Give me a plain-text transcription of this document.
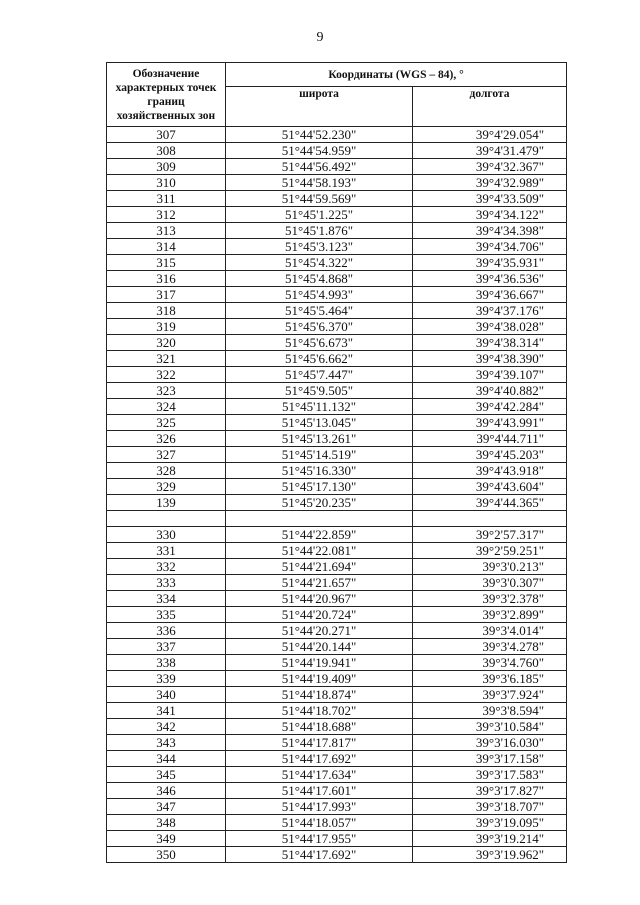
9
Обозначение характерных точек границ хозяйственных зон	Координаты (WGS – 84), °	
	широта	долгота
307	51°44'52.230"	39°4'29.054"
308	51°44'54.959"	39°4'31.479"
309	51°44'56.492"	39°4'32.367"
310	51°44'58.193"	39°4'32.989"
311	51°44'59.569"	39°4'33.509"
312	51°45'1.225"	39°4'34.122"
313	51°45'1.876"	39°4'34.398"
314	51°45'3.123"	39°4'34.706"
315	51°45'4.322"	39°4'35.931"
316	51°45'4.868"	39°4'36.536"
317	51°45'4.993"	39°4'36.667"
318	51°45'5.464"	39°4'37.176"
319	51°45'6.370"	39°4'38.028"
320	51°45'6.673"	39°4'38.314"
321	51°45'6.662"	39°4'38.390"
322	51°45'7.447"	39°4'39.107"
323	51°45'9.505"	39°4'40.882"
324	51°45'11.132"	39°4'42.284"
325	51°45'13.045"	39°4'43.991"
326	51°45'13.261"	39°4'44.711"
327	51°45'14.519"	39°4'45.203"
328	51°45'16.330"	39°4'43.918"
329	51°45'17.130"	39°4'43.604"
139	51°45'20.235"	39°4'44.365"

330	51°44'22.859"	39°2'57.317"
331	51°44'22.081"	39°2'59.251"
332	51°44'21.694"	39°3'0.213"
333	51°44'21.657"	39°3'0.307"
334	51°44'20.967"	39°3'2.378"
335	51°44'20.724"	39°3'2.899"
336	51°44'20.271"	39°3'4.014"
337	51°44'20.144"	39°3'4.278"
338	51°44'19.941"	39°3'4.760"
339	51°44'19.409"	39°3'6.185"
340	51°44'18.874"	39°3'7.924"
341	51°44'18.702"	39°3'8.594"
342	51°44'18.688"	39°3'10.584"
343	51°44'17.817"	39°3'16.030"
344	51°44'17.692"	39°3'17.158"
345	51°44'17.634"	39°3'17.583"
346	51°44'17.601"	39°3'17.827"
347	51°44'17.993"	39°3'18.707"
348	51°44'18.057"	39°3'19.095"
349	51°44'17.955"	39°3'19.214"
350	51°44'17.692"	39°3'19.962"
